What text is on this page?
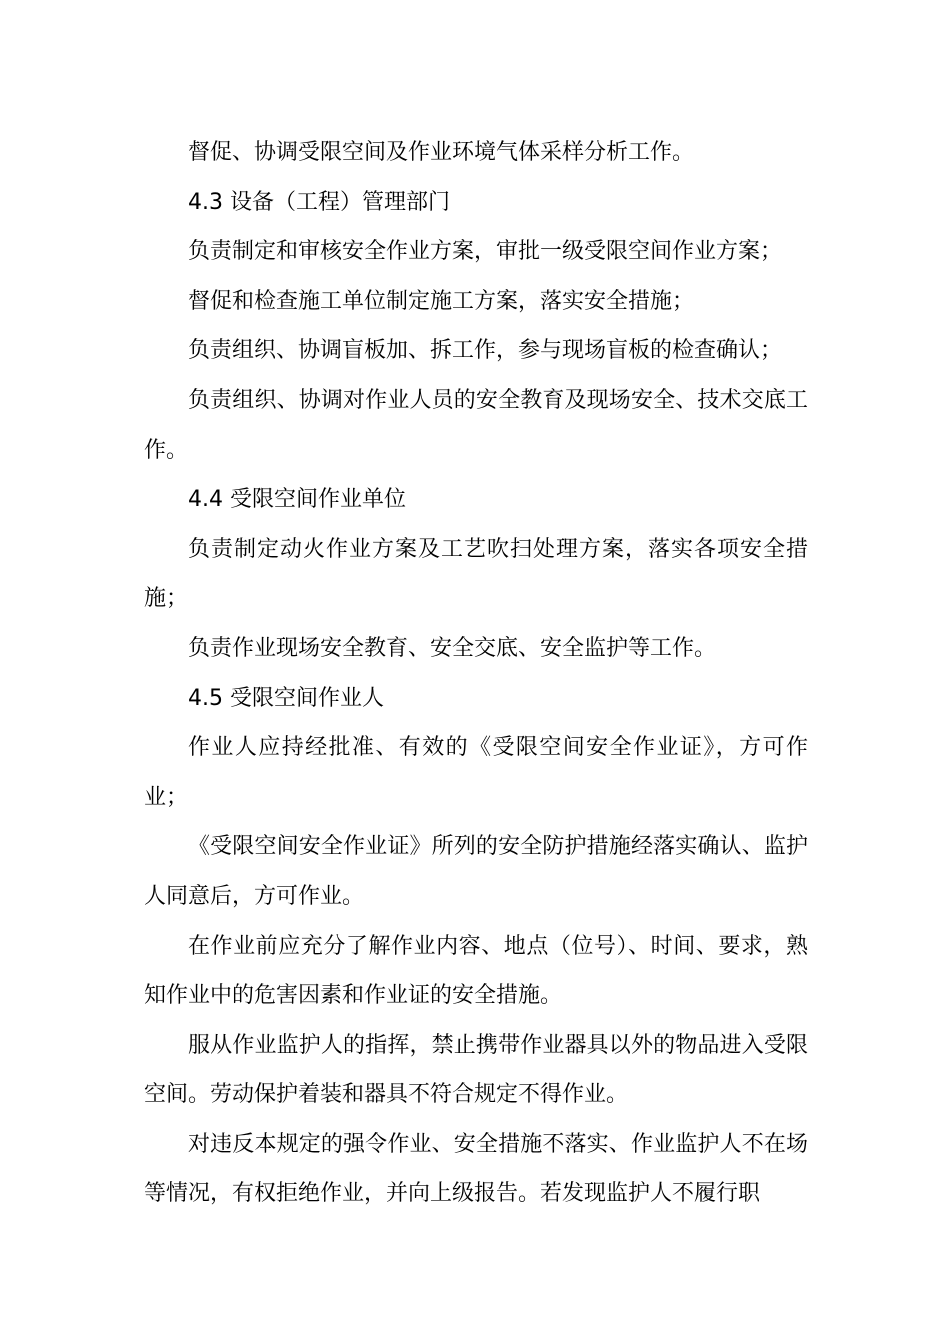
督促、协调受限空间及作业环境气体采样分析工作。

4.3 设备（工程）管理部门

负责制定和审核安全作业方案，审批一级受限空间作业方案；

督促和检查施工单位制定施工方案，落实安全措施；

负责组织、协调盲板加、拆工作，参与现场盲板的检查确认；

负责组织、协调对作业人员的安全教育及现场安全、技术交底工作。

4.4 受限空间作业单位

负责制定动火作业方案及工艺吹扫处理方案，落实各项安全措施；

负责作业现场安全教育、安全交底、安全监护等工作。

4.5 受限空间作业人

作业人应持经批准、有效的《受限空间安全作业证》，方可作业；

《受限空间安全作业证》所列的安全防护措施经落实确认、监护人同意后，方可作业。

在作业前应充分了解作业内容、地点（位号）、时间、要求，熟知作业中的危害因素和作业证的安全措施。

服从作业监护人的指挥，禁止携带作业器具以外的物品进入受限空间。劳动保护着装和器具不符合规定不得作业。

对违反本规定的强令作业、安全措施不落实、作业监护人不在场等情况，有权拒绝作业，并向上级报告。若发现监护人不履行职
